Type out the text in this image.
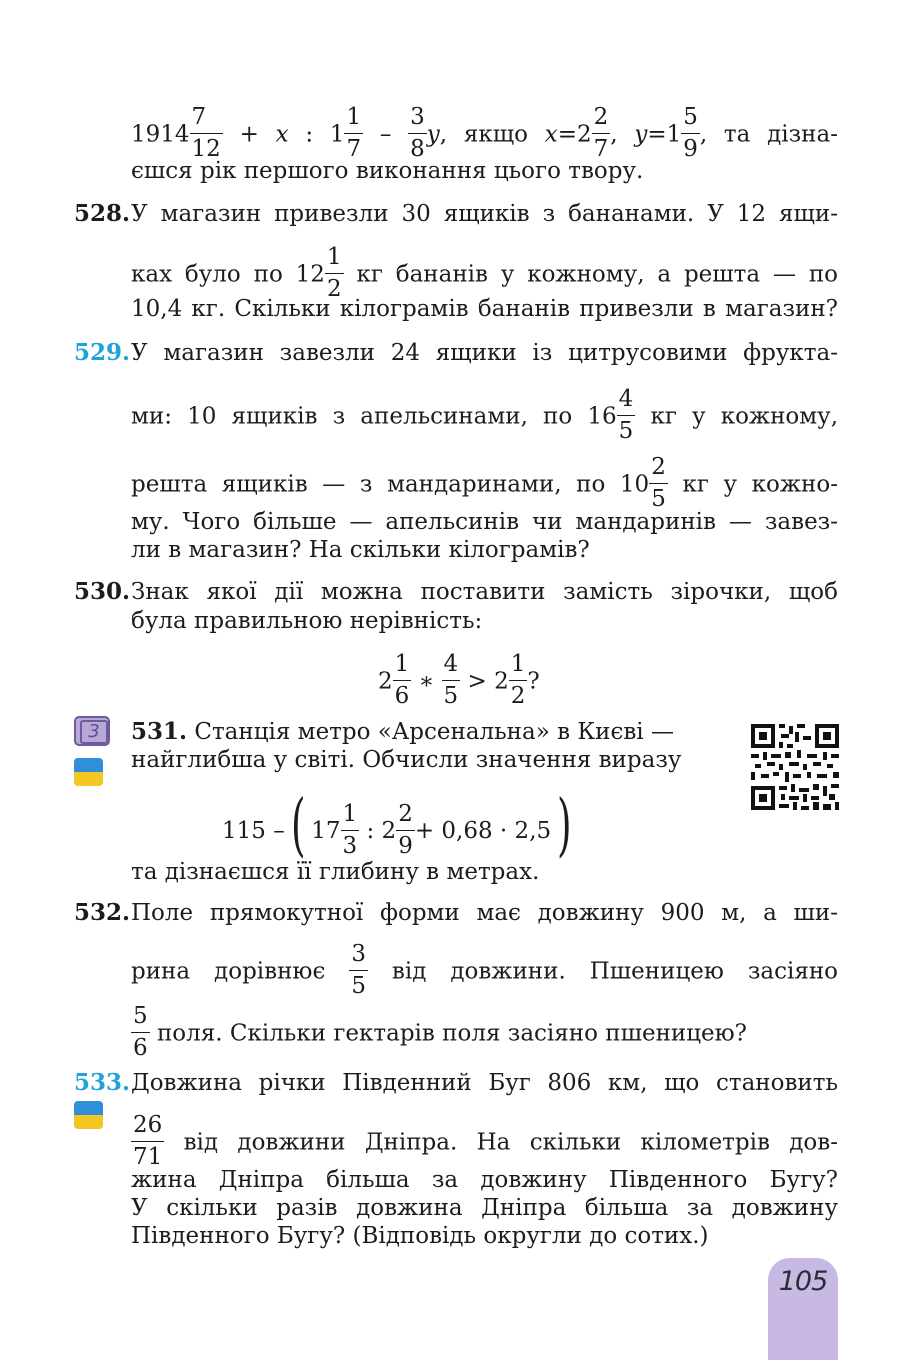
$1914 \frac{7}{12} + x$ : $1 \frac{1}{7} - \frac{3}{8} y$, якщо $x=2 \frac{2}{7}$ , $y=1 \frac{5}{9}$ , та дізна-
єшся рік першого виконання цього твору.
528. У магазин привезли 30 ящиків з бананами. У 12 ящи-
ках було по $12 \frac{1}{2}$ кг бананів у кожному, а решта — по
10,4 кг. Скільки кілограмів бананів привезли в магазин?
529. У магазин завезли 24 ящики із цитрусовими фрукта-
ми: 10 ящиків з апельсинами, по $16 \frac{4}{5}$ кг у кожному,
решта ящиків — з мандаринами, по $10 \frac{2}{5}$ кг у кожно-
му. Чого більше — апельсинів чи мандаринів — завез-
ли в магазин? На скільки кілограмів?
530. Знак якої дії можна поставити замість зірочки, щоб
була правильною нерівність:
$2 \frac{1}{6}$ ∗ $\frac{4}{5} > 2 \frac{1}{2}$ ?
3	531. Станція метро «Арсенальна» в Києві —
найглибша у світі. Обчисли значення виразу
115 –( $17 \frac{1}{3}$ : $2 \frac{2}{9} + 0,68 \cdot 2,5$)
та дізнаєшся її глибину в метрах.
532. Поле прямокутної форми має довжину 900 м, а ши-
рина дорівнює $\frac{3}{5}$ від довжини. Пшеницею засіяно
$\frac{5}{6}$ поля. Скільки гектарів поля засіяно пшеницею?
533. Довжина річки Південний Буг 806 км, що становить
$\frac{26}{71}$ від довжини Дніпра. На скільки кілометрів дов-
жина Дніпра більша за довжину Південного Бугу?
У скільки разів довжина Дніпра більша за довжину
Південного Бугу? (Відповідь округли до сотих.)
105
